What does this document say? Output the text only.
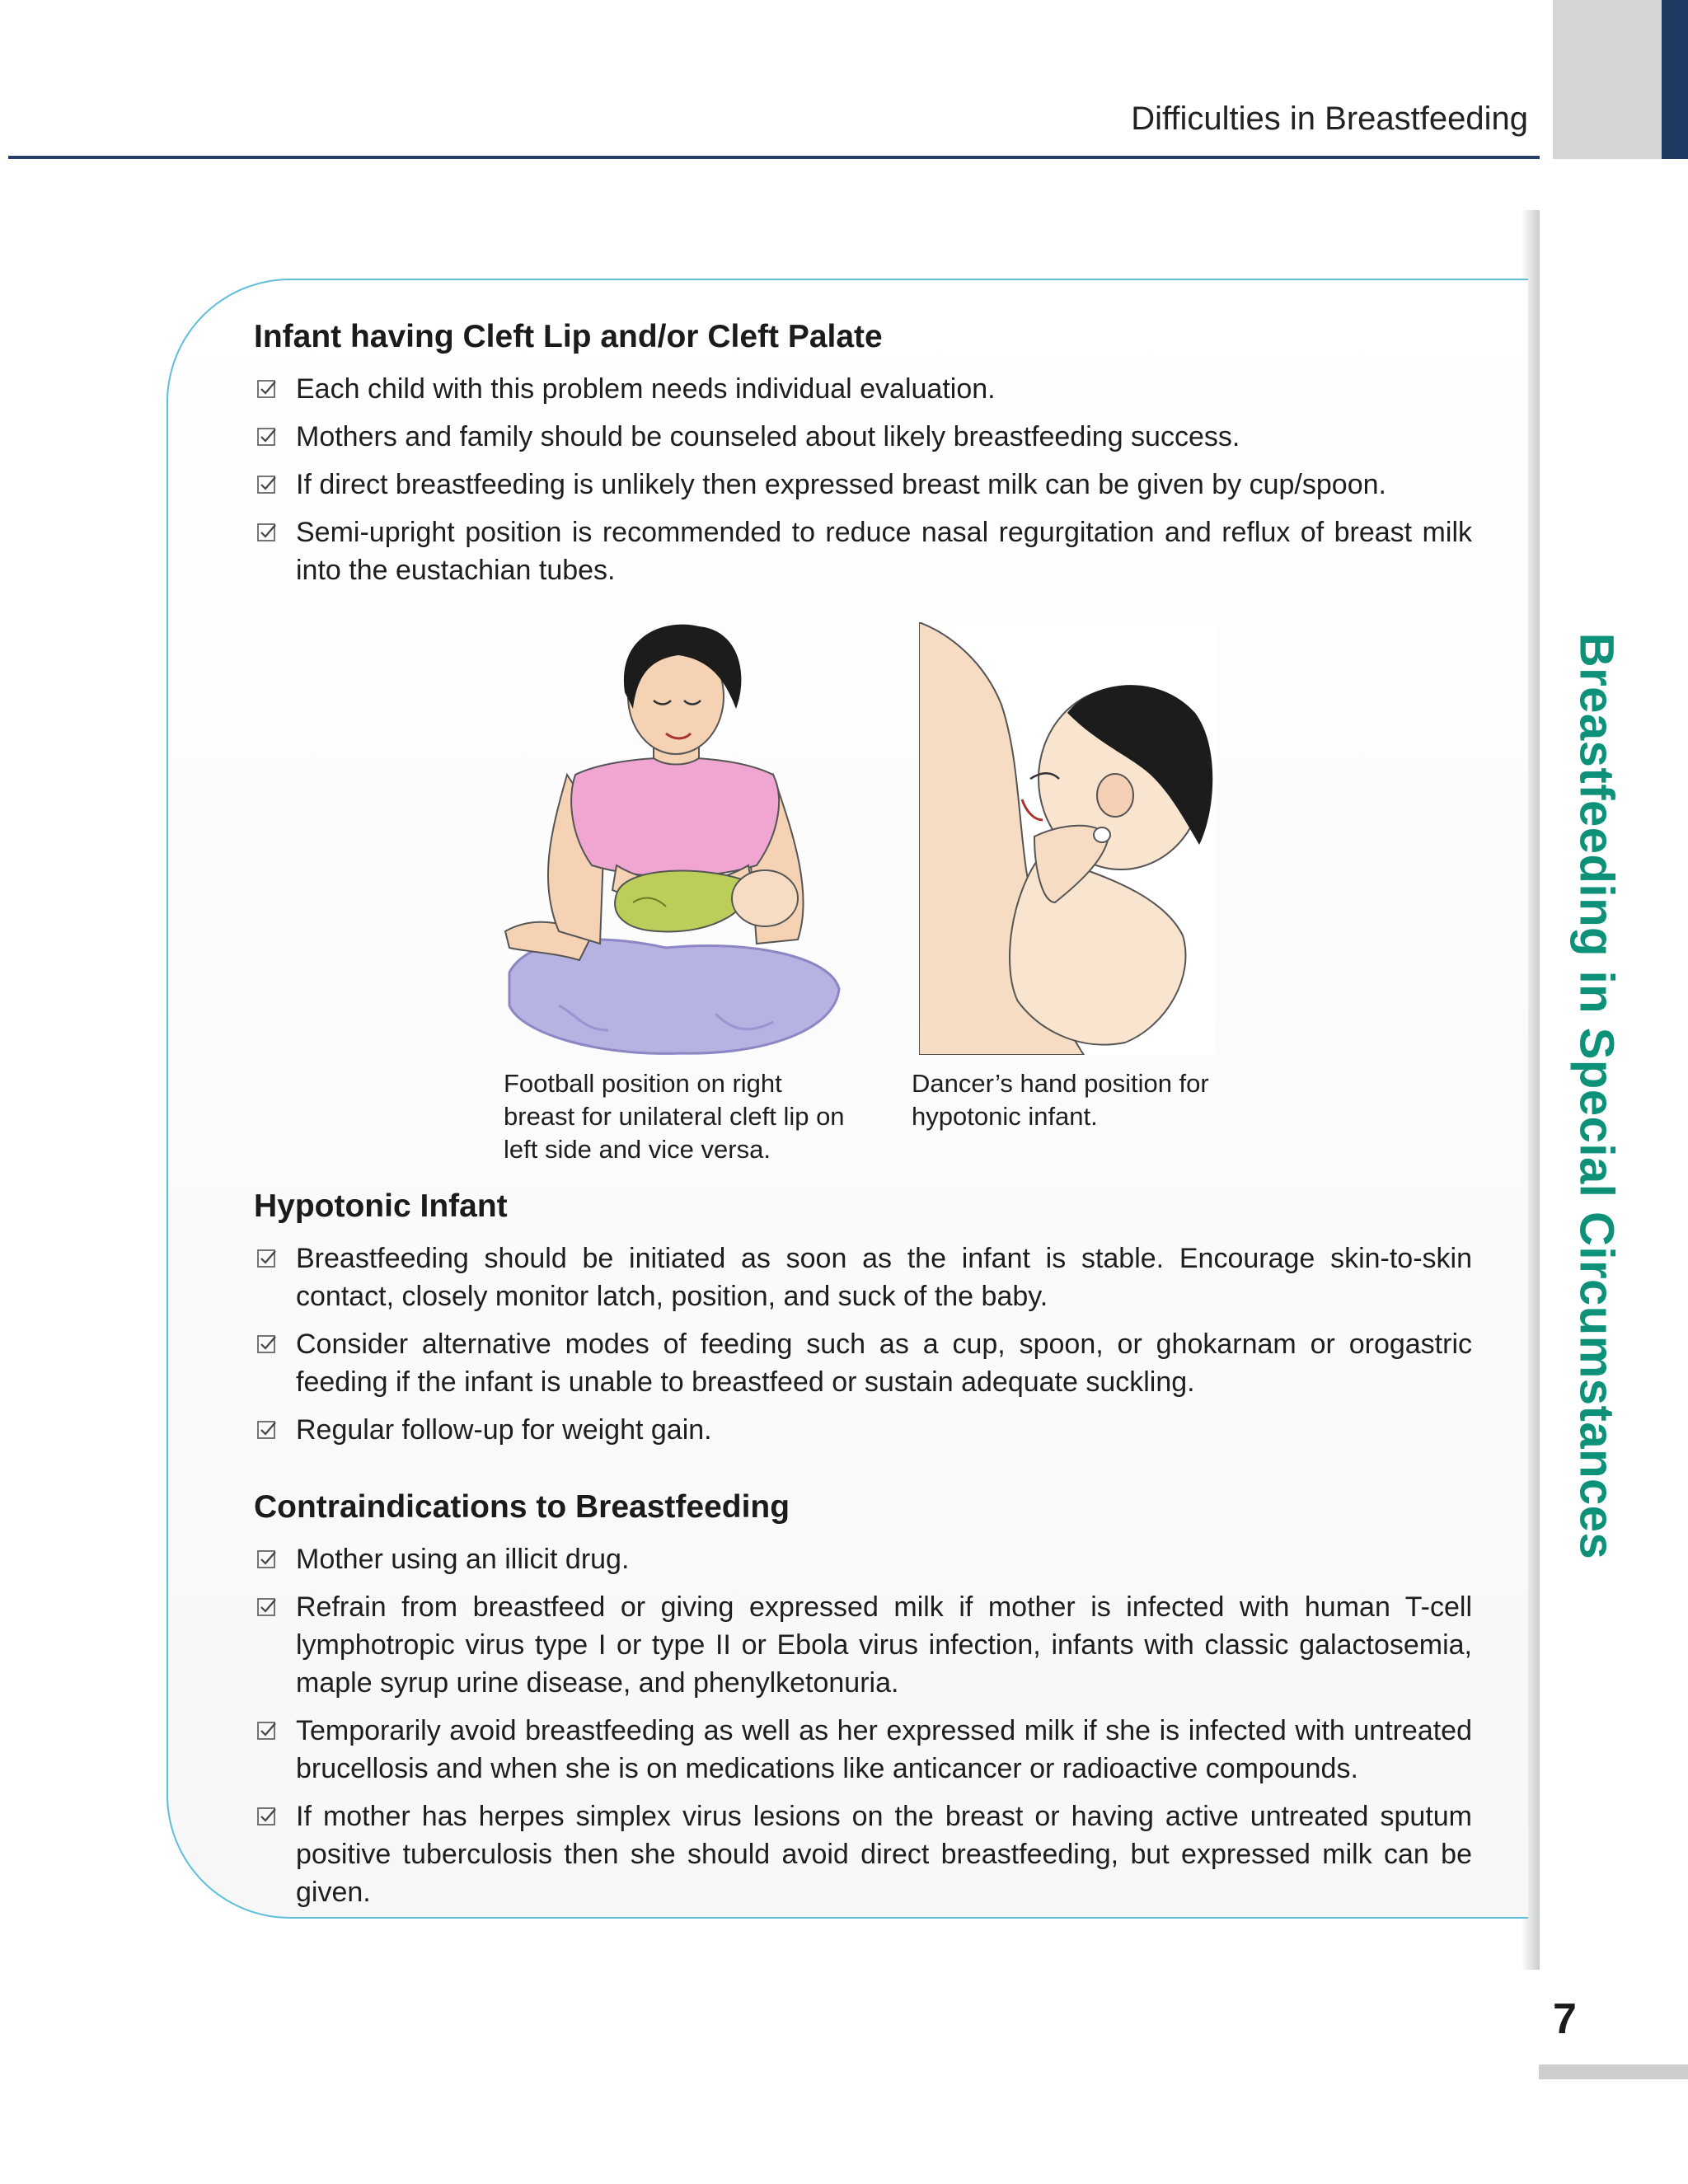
Difficulties in Breastfeeding
Breastfeeding in Special Circumstances
Infant having Cleft Lip and/or Cleft Palate
Each child with this problem needs individual evaluation.
Mothers and family should be counseled about likely breastfeeding success.
If direct breastfeeding is unlikely then expressed breast milk can be given by cup/spoon.
Semi-upright position is recommended to reduce nasal regurgitation and reflux of breast milk into the eustachian tubes.
Football position on right breast for unilateral cleft lip on left side and vice versa.
Dancer’s hand position for hypotonic infant.
Hypotonic Infant
Breastfeeding should be initiated as soon as the infant is stable. Encourage skin-to-skin contact, closely monitor latch, position, and suck of the baby.
Consider alternative modes of feeding such as a cup, spoon, or ghokarnam or orogastric feeding if the infant is unable to breastfeed or sustain adequate suckling.
Regular follow-up for weight gain.
Contraindications to Breastfeeding
Mother using an illicit drug.
Refrain from breastfeed or giving expressed milk if mother is infected with human T-cell lymphotropic virus type I or type II or Ebola virus infection, infants with classic galactosemia, maple syrup urine disease, and phenylketonuria.
Temporarily avoid breastfeeding as well as her expressed milk if she is infected with untreated brucellosis and when she is on medications like anticancer or radioactive compounds.
If mother has herpes simplex virus lesions on the breast or having active untreated sputum positive tuberculosis then she should avoid direct breastfeeding, but expressed milk can be given.
7
